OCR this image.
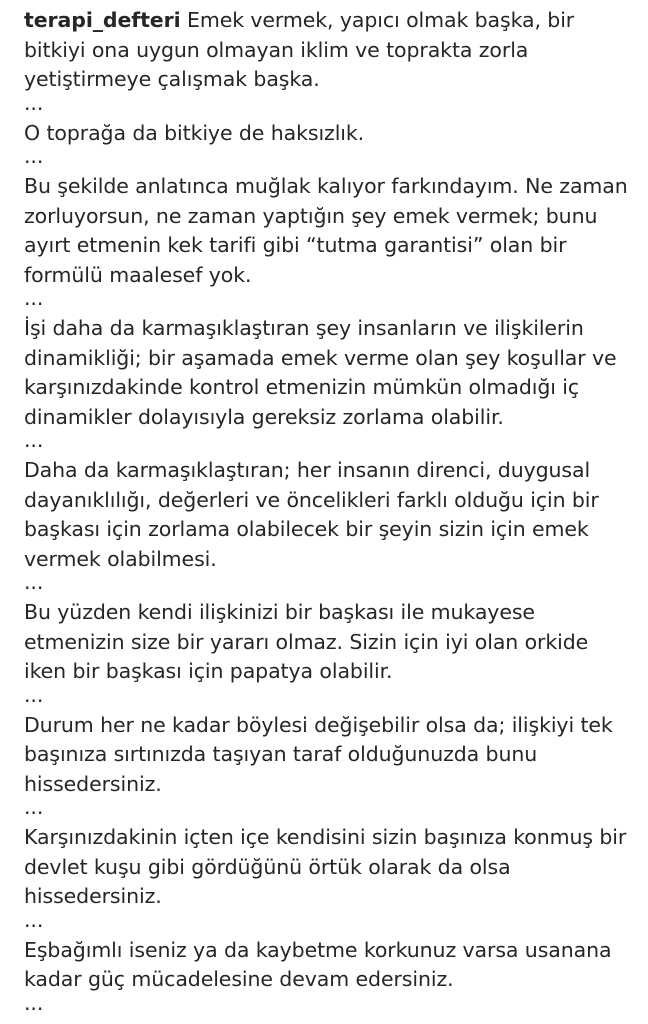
terapi_defteri Emek vermek, yapıcı olmak başka, bir bitkiyi ona uygun olmayan iklim ve toprakta zorla yetiştirmeye çalışmak başka.

...

O toprağa da bitkiye de haksızlık.

...

Bu şekilde anlatınca muğlak kalıyor farkındayım. Ne zaman zorluyorsun, ne zaman yaptığın şey emek vermek; bunu ayırt etmenin kek tarifi gibi “tutma garantisi” olan bir formülü maalesef yok.

...

İşi daha da karmaşıklaştıran şey insanların ve ilişkilerin dinamikliği; bir aşamada emek verme olan şey koşullar ve karşınızdakinde kontrol etmenizin mümkün olmadığı iç dinamikler dolayısıyla gereksiz zorlama olabilir.

...

Daha da karmaşıklaştıran; her insanın direnci, duygusal dayanıklılığı, değerleri ve öncelikleri farklı olduğu için bir başkası için zorlama olabilecek bir şeyin sizin için emek vermek olabilmesi.

...

Bu yüzden kendi ilişkinizi bir başkası ile mukayese etmenizin size bir yararı olmaz. Sizin için iyi olan orkide iken bir başkası için papatya olabilir.

...

Durum her ne kadar böylesi değişebilir olsa da; ilişkiyi tek başınıza sırtınızda taşıyan taraf olduğunuzda bunu hissedersiniz.

...

Karşınızdakinin içten içe kendisini sizin başınıza konmuş bir devlet kuşu gibi gördüğünü örtük olarak da olsa hissedersiniz.

...

Eşbağımlı iseniz ya da kaybetme korkunuz varsa usanana kadar güç mücadelesine devam edersiniz.

...
